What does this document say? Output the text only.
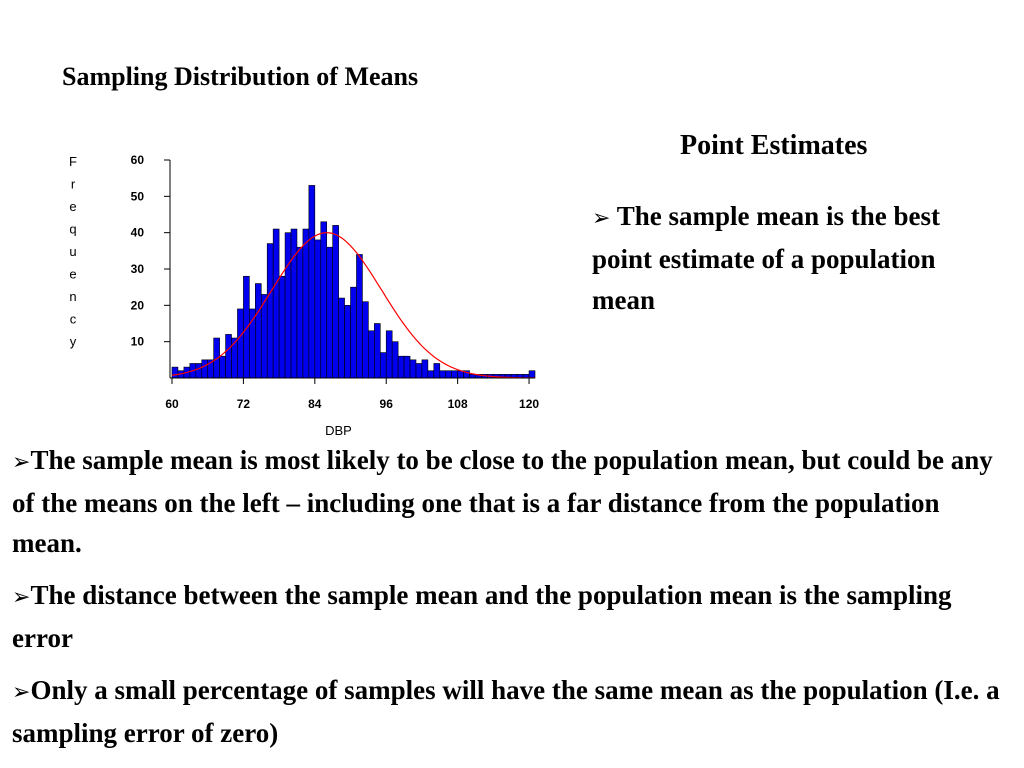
Sampling Distribution of Means
10
20
30
40
50
60
60	72	84	96	108	120
DBP
F
r
e
q
u
e
n
c
y
Point Estimates
➢ The sample mean is the best point estimate of a population mean
➢The sample mean is most likely to be close to the population mean, but could be any of the means on the left – including one that is a far distance from the population mean.
➢The distance between the sample mean and the population mean is the sampling error
➢Only a small percentage of samples will have the same mean as the population (I.e. a sampling error of zero)
